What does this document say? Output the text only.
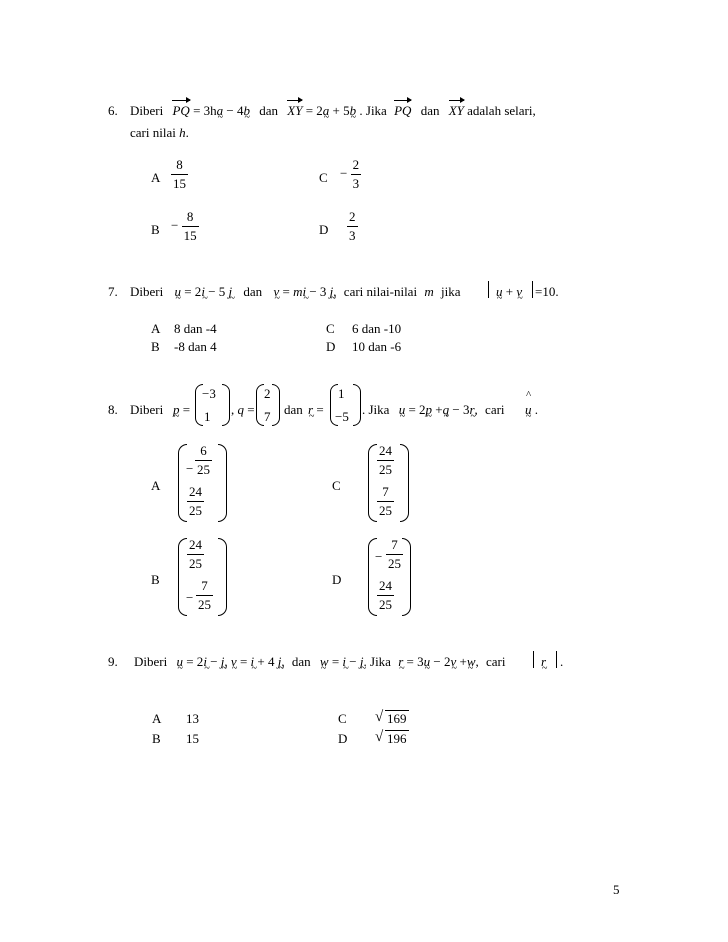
6. Diberi PQ = 3ha ~ − 4b ~ dan XY = 2a ~ + 5b ~ . Jika PQ dan XY adalah selari,
cari nilai h.
A $\frac{8}{15}$	$C - \frac{2}{3}$
$B - \frac{8}{15}$	D $\frac{2}{3}$
7. Diberi u ~ = 2i ~ − 5 j ~ dan v ~ = mi ~ − 3 j ~, cari nilai-nilai m jika	u ~ + v ~ =10.
A 8 dan -4	C 6 dan -10
B -8 dan 4	D 10 dan -6
8. Diberi p ~ =
−3
1 , q =
2
7 dan r ~ =
1
−5 . Jika u ~ = 2p ~ +q ~ − 3r ~, cari
^
u ~ .
A
− $\frac{6}{25}$
$\frac{24}{25}$	C
$\frac{24}{25}$
$\frac{7}{25}$
B
$\frac{24}{25}$
− $\frac{7}{25}$	D
− $\frac{7}{25}$
$\frac{24}{25}$
9. Diberi u ~ = 2i ~ − j ~, v ~ = i ~ + 4 j ~, dan w ~ = i ~ − j ~. Jika r ~ = 3u ~ − 2v ~ +w ~, cari	r ~ .
A 13	C	√ 169
B 15	D	√ 196
5
